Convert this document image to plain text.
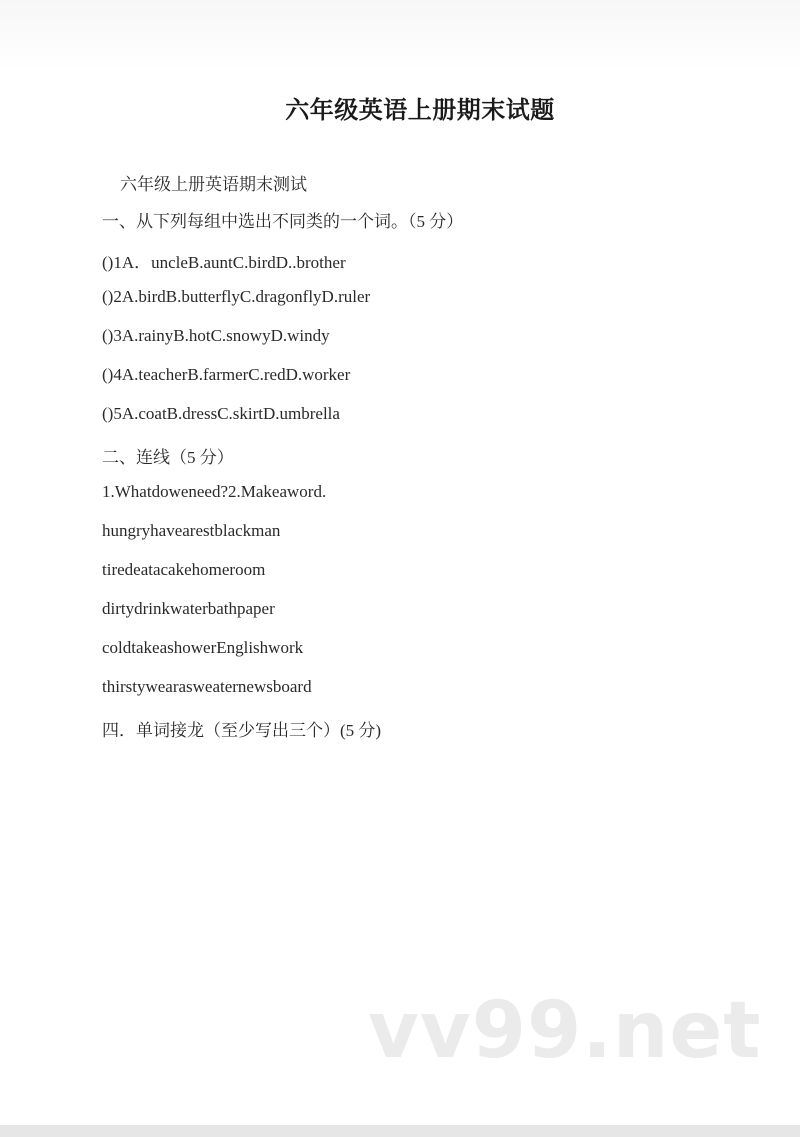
六年级英语上册期末试题
六年级上册英语期末测试
一、从下列每组中选出不同类的一个词。（5 分）
()1A．uncleB.auntC.birdD..brother
()2A.birdB.butterflyC.dragonflyD.ruler
()3A.rainyB.hotC.snowyD.windy
()4A.teacherB.farmerC.redD.worker
()5A.coatB.dressC.skirtD.umbrella
二、连线（5 分）
1.Whatdoweneed?2.Makeaword.
hungryhavearestblackman
tiredeatacakehomeroom
dirtydrinkwaterbathpaper
coldtakeashowerEnglishwork
thirstywearasweaternewsboard
四．单词接龙（至少写出三个）(5 分)
vv99.net
